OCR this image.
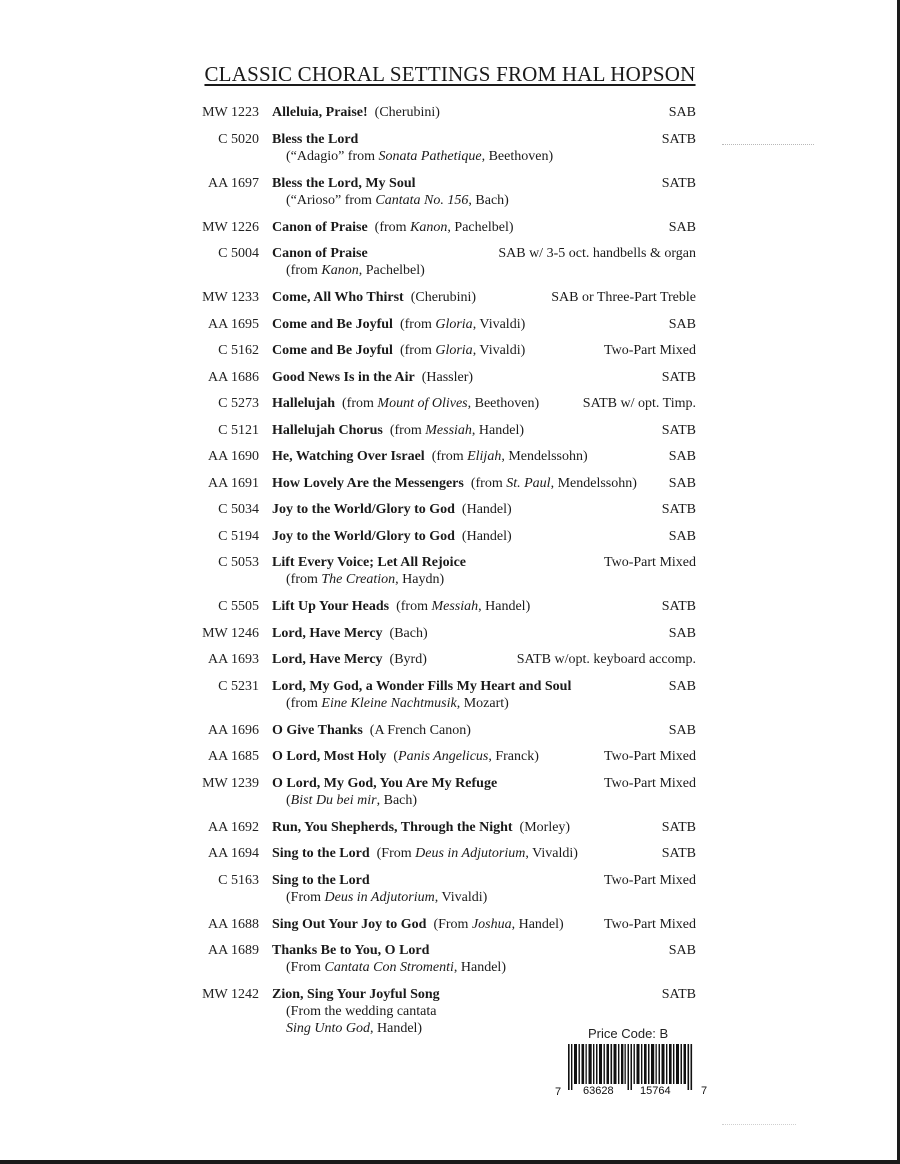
CLASSIC CHORAL SETTINGS FROM HAL HOPSON
MW 1223 Alleluia, Praise! (Cherubini)	SAB
C 5020 Bless the Lord	SATB
(“Adagio” from Sonata Pathetique, Beethoven)
AA 1697 Bless the Lord, My Soul	SATB
(“Arioso” from Cantata No. 156, Bach)
MW 1226 Canon of Praise (from Kanon, Pachelbel)	SAB
C 5004 Canon of Praise	SAB w/ 3-5 oct. handbells & organ
(from Kanon, Pachelbel)
MW 1233 Come, All Who Thirst (Cherubini)	SAB or Three-Part Treble
AA 1695 Come and Be Joyful (from Gloria, Vivaldi)	SAB
C 5162 Come and Be Joyful (from Gloria, Vivaldi)	Two-Part Mixed
AA 1686 Good News Is in the Air (Hassler)	SATB
C 5273 Hallelujah (from Mount of Olives, Beethoven)	SATB w/ opt. Timp.
C 5121 Hallelujah Chorus (from Messiah, Handel)	SATB
AA 1690 He, Watching Over Israel (from Elijah, Mendelssohn)	SAB
AA 1691 How Lovely Are the Messengers (from St. Paul, Mendelssohn) SAB
C 5034 Joy to the World/Glory to God (Handel)	SATB
C 5194 Joy to the World/Glory to God (Handel)	SAB
C 5053 Lift Every Voice; Let All Rejoice	Two-Part Mixed
(from The Creation, Haydn)
C 5505 Lift Up Your Heads (from Messiah, Handel)	SATB
MW 1246 Lord, Have Mercy (Bach)	SAB
AA 1693 Lord, Have Mercy (Byrd)	SATB w/opt. keyboard accomp.
C 5231 Lord, My God, a Wonder Fills My Heart and Soul	SAB
(from Eine Kleine Nachtmusik, Mozart)
AA 1696 O Give Thanks (A French Canon)	SAB
AA 1685 O Lord, Most Holy (Panis Angelicus, Franck)	Two-Part Mixed
MW 1239 O Lord, My God, You Are My Refuge	Two-Part Mixed
(Bist Du bei mir, Bach)
AA 1692 Run, You Shepherds, Through the Night (Morley)	SATB
AA 1694 Sing to the Lord (From Deus in Adjutorium, Vivaldi)	SATB
C 5163 Sing to the Lord	Two-Part Mixed
(From Deus in Adjutorium, Vivaldi)
AA 1688 Sing Out Your Joy to God (From Joshua, Handel)	Two-Part Mixed
AA 1689 Thanks Be to You, O Lord	SAB
(From Cantata Con Stromenti, Handel)
MW 1242 Zion, Sing Your Joyful Song	SATB
(From the wedding cantata
Sing Unto God, Handel)	Price Code: B
7 63628 15764	7
